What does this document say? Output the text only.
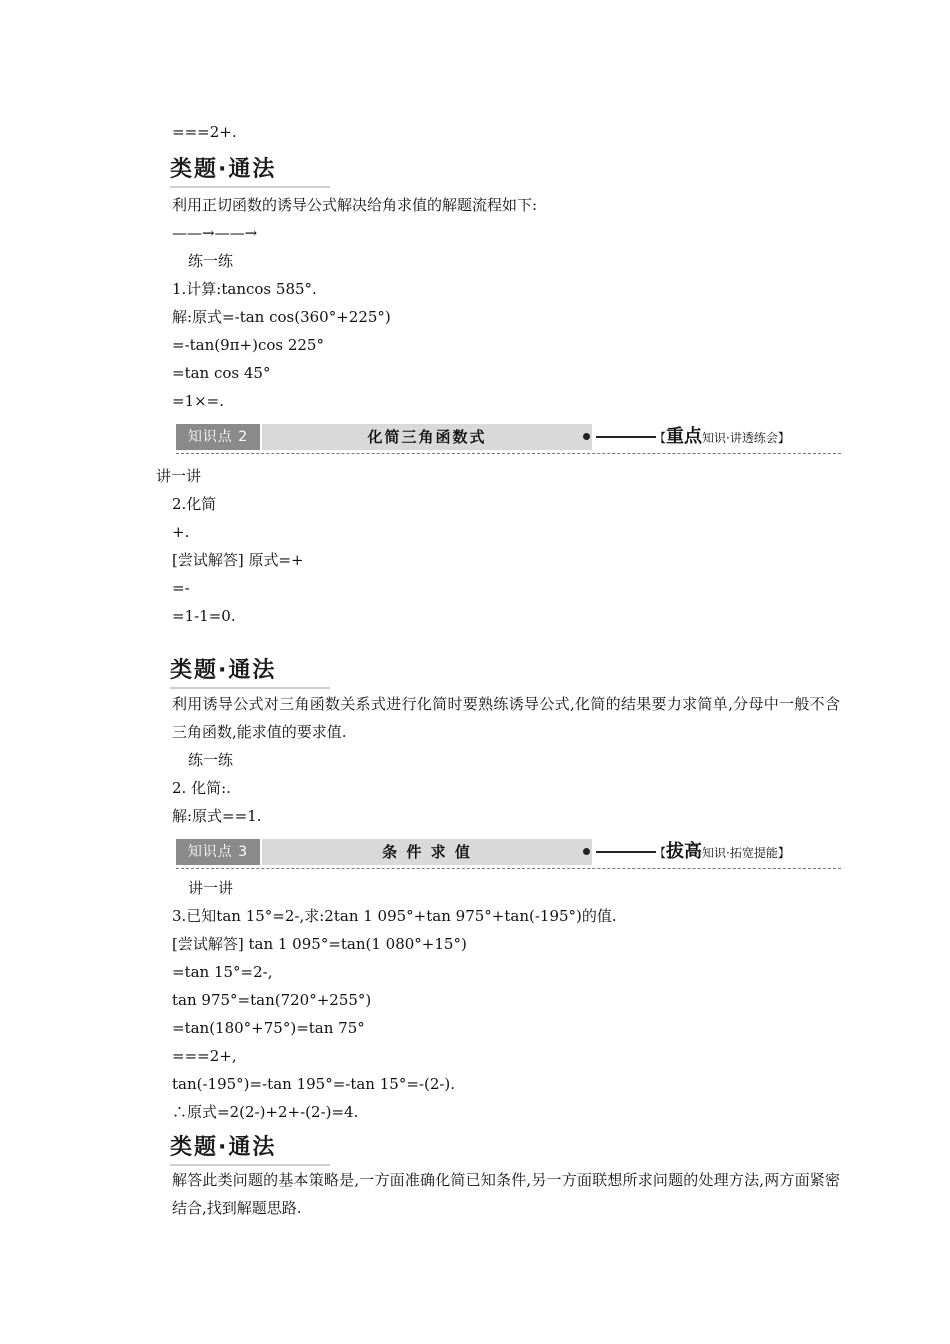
===2+.
类题·通法
利用正切函数的诱导公式解决给角求值的解题流程如下:
——→——→
练一练
1.计算:tancos 585°.
解:原式=-tan cos(360°+225°)
=-tan(9π+)cos 225°
=tan cos 45°
=1×=.
知识点 2	化简三角函数式	【重点知识·讲透练会】
讲一讲
2.化简
+.
[尝试解答] 原式=+
=-
=1-1=0.
类题·通法
利用诱导公式对三角函数关系式进行化简时要熟练诱导公式,化简的结果要力求简单,分母中一般不含三角函数,能求值的要求值.
练一练
2. 化简:.
解:原式==1.
知识点 3	条 件 求 值	【拔高知识·拓宽提能】
讲一讲
3.已知tan 15°=2-,求:2tan 1 095°+tan 975°+tan(-195°)的值.
[尝试解答] tan 1 095°=tan(1 080°+15°)
=tan 15°=2-,
tan 975°=tan(720°+255°)
=tan(180°+75°)=tan 75°
===2+,
tan(-195°)=-tan 195°=-tan 15°=-(2-).
∴原式=2(2-)+2+-(2-)=4.
类题·通法
解答此类问题的基本策略是,一方面准确化简已知条件,另一方面联想所求问题的处理方法,两方面紧密结合,找到解题思路.
